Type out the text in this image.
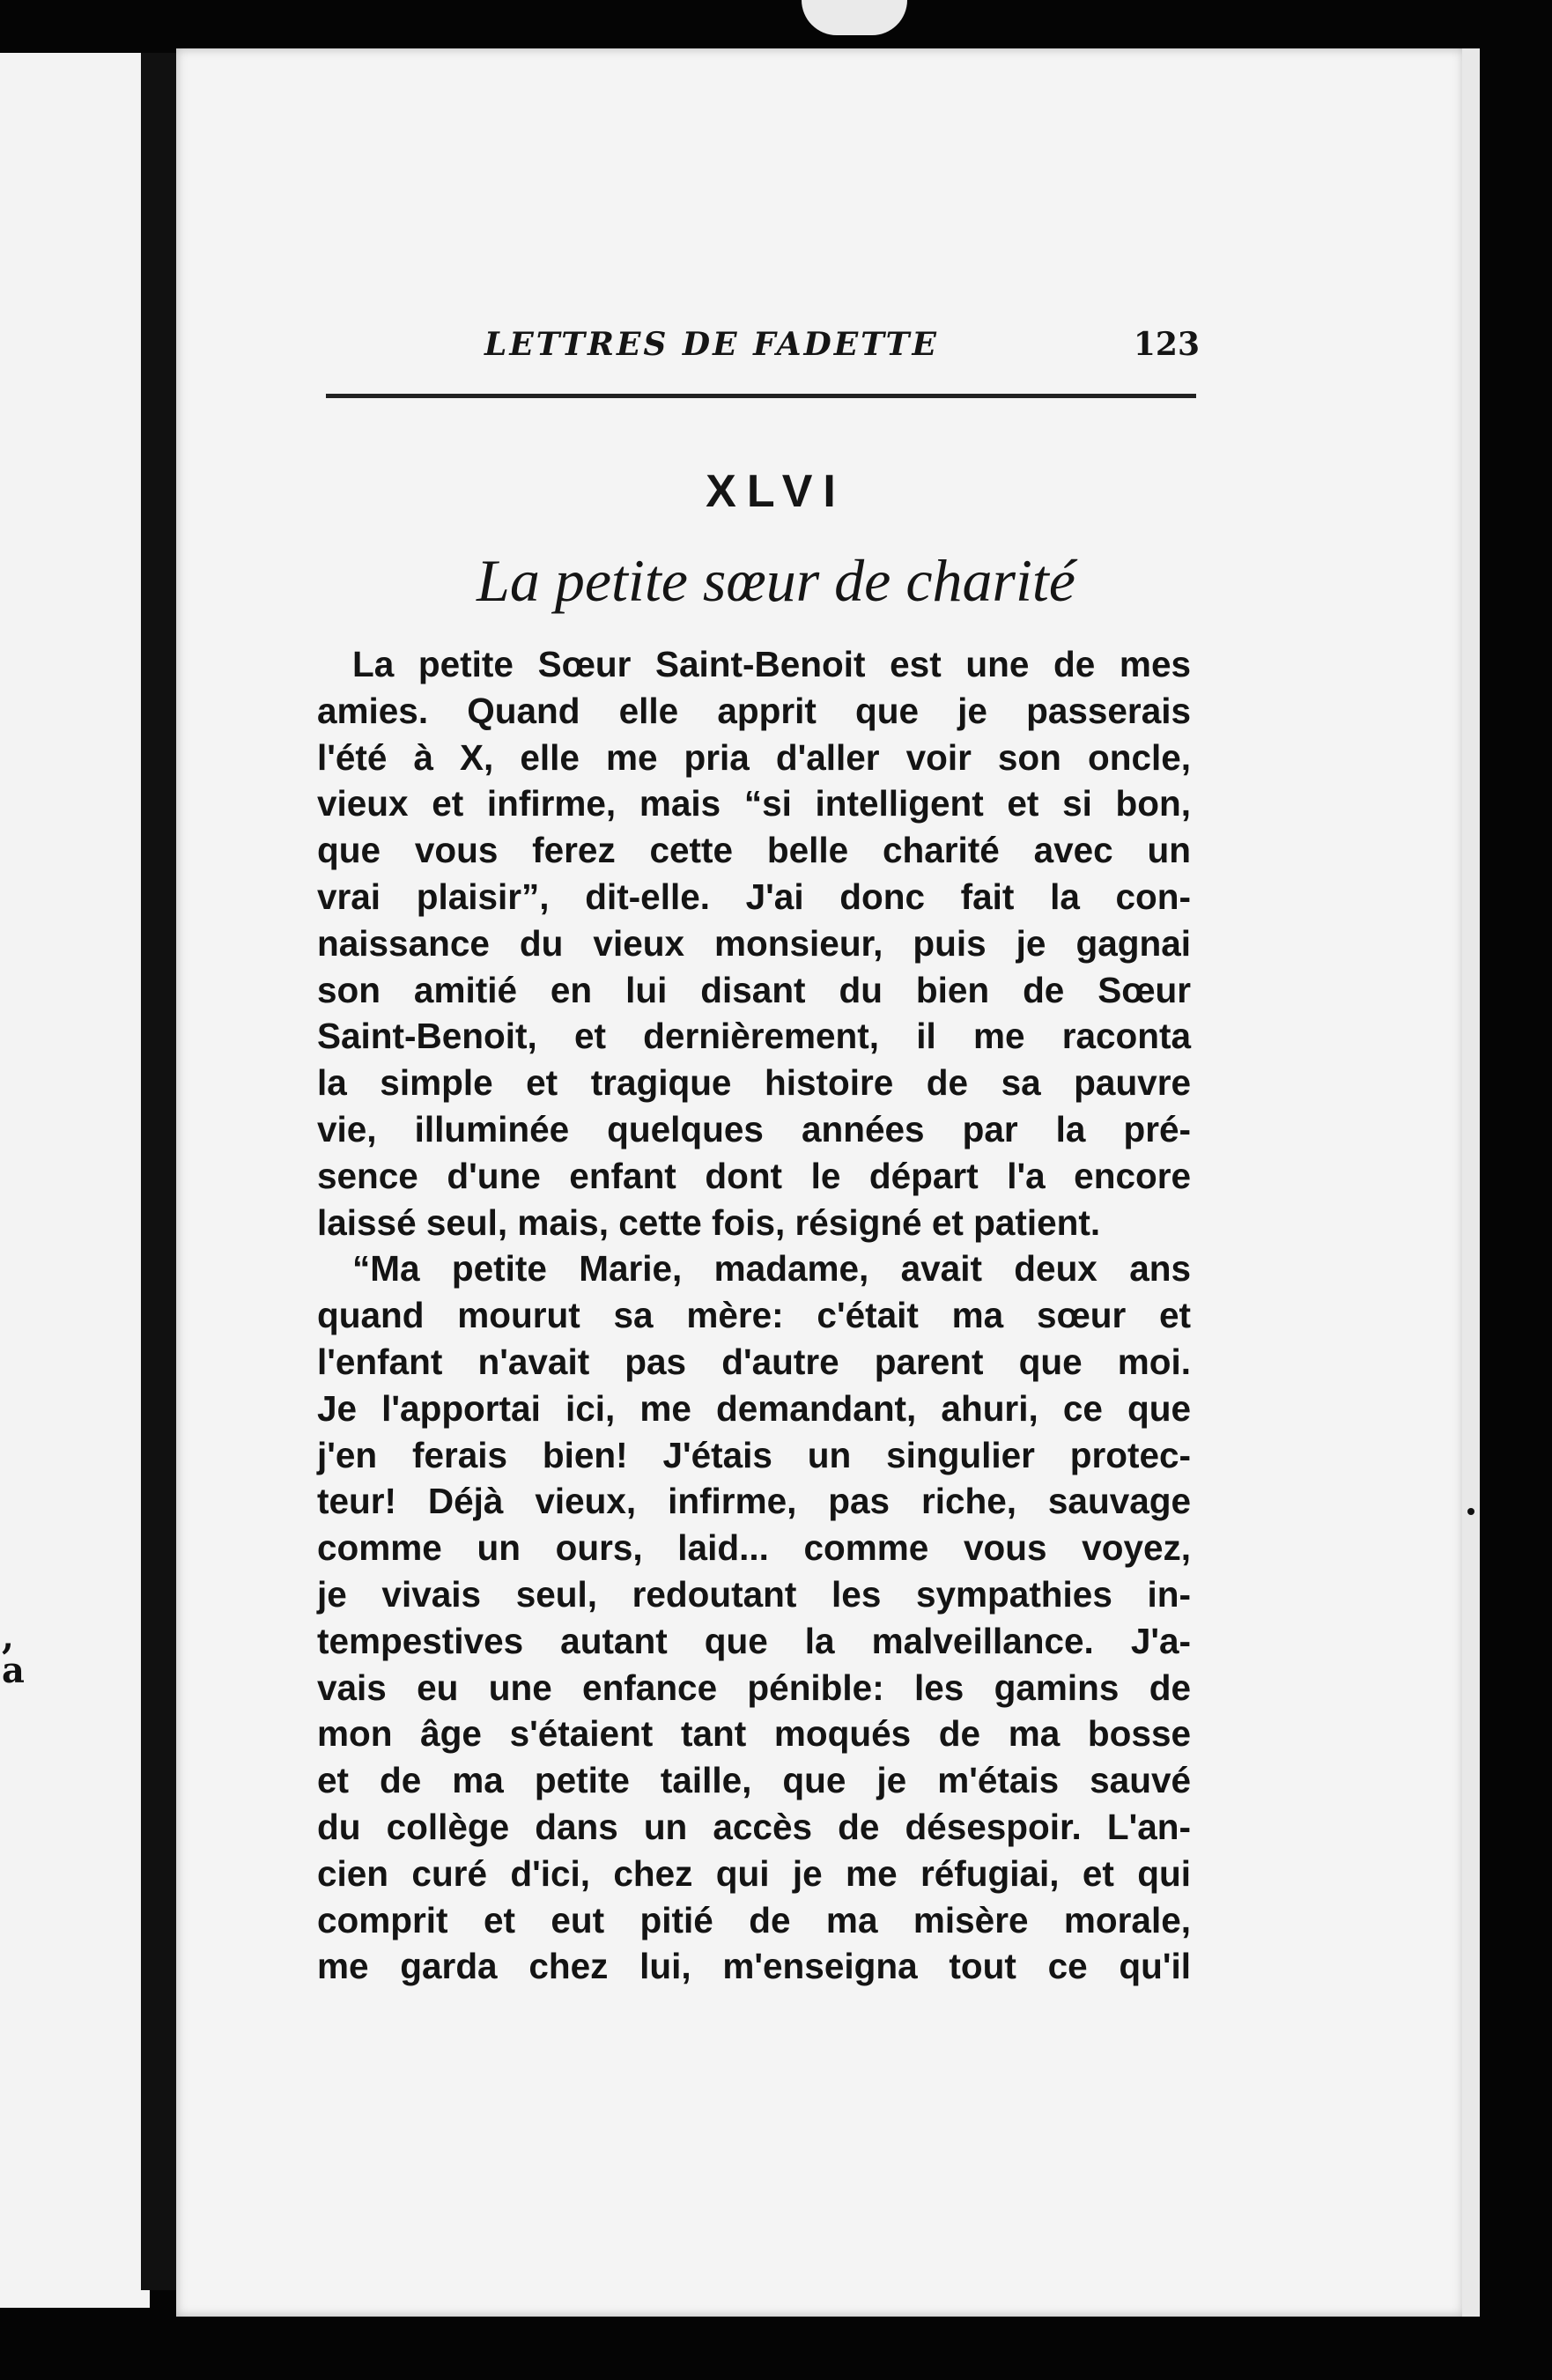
,
a
LETTRES DE FADETTE	123
XLVI
La petite sœur de charité
La petite Sœur Saint-Benoit est une de mes
amies. Quand elle apprit que je passerais
l'été à X, elle me pria d'aller voir son oncle,
vieux et infirme, mais “si intelligent et si bon,
que vous ferez cette belle charité avec un
vrai plaisir”, dit-elle. J'ai donc fait la con-
naissance du vieux monsieur, puis je gagnai
son amitié en lui disant du bien de Sœur
Saint-Benoit, et dernièrement, il me raconta
la simple et tragique histoire de sa pauvre
vie, illuminée quelques années par la pré-
sence d'une enfant dont le départ l'a encore
laissé seul, mais, cette fois, résigné et patient.
“Ma petite Marie, madame, avait deux ans
quand mourut sa mère: c'était ma sœur et
l'enfant n'avait pas d'autre parent que moi.
Je l'apportai ici, me demandant, ahuri, ce que
j'en ferais bien! J'étais un singulier protec-
teur! Déjà vieux, infirme, pas riche, sauvage
comme un ours, laid... comme vous voyez,
je vivais seul, redoutant les sympathies in-
tempestives autant que la malveillance. J'a-
vais eu une enfance pénible: les gamins de
mon âge s'étaient tant moqués de ma bosse
et de ma petite taille, que je m'étais sauvé
du collège dans un accès de désespoir. L'an-
cien curé d'ici, chez qui je me réfugiai, et qui
comprit et eut pitié de ma misère morale,
me garda chez lui, m'enseigna tout ce qu'il
